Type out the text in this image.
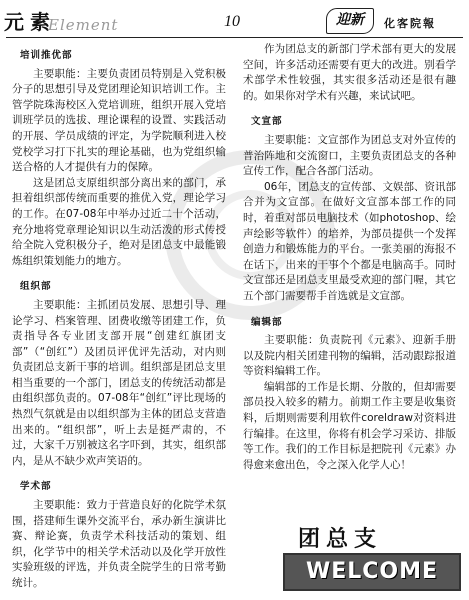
元 素
Element	10	迎新	化客院報
培训推优部

主要职能：主要负责团员特别是入党积极分子的思想引导及党团理论知识培训工作。主管学院珠海校区入党培训班，组织开展入党培训班学员的选拔、理论课程的设置、实践活动的开展、学员成绩的评定，为学院顺利进入校党校学习打下扎实的理论基础，也为党组织输送合格的人才提供有力的保障。

这是团总支原组织部分离出来的部门，承担着组织部传统而重要的推优入党，理论学习的工作。在07-08年中举办过近二十个活动，充分地将党章理论知识以生动活泼的形式传授给全院入党积极分子，绝对是团总支中最能锻炼组织策划能力的地方。

组织部

主要职能：主抓团员发展、思想引导、理论学习、档案管理、团费收缴等团建工作，负责指导各专业团支部开展“创建红旗团支部”（“创红”）及团员评优评先活动，对内则负责团总支新干事的培训。组织部是团总支里相当重要的一个部门，团总支的传统活动都是由组织部负责的。07-08年“创红”评比现场的热烈气氛就是由以组织部为主体的团总支营造出来的。“组织部”，听上去是挺严肃的，不过，大家千万别被这名字吓到，其实，组织部内，是从不缺少欢声笑语的。

学术部

主要职能：致力于营造良好的化院学术氛围，搭建师生课外交流平台，承办新生演讲比赛、辩论赛，负责学术科技活动的策划、组织，化学节中的相关学术活动以及化学开放性实验班级的评选，并负责全院学生的日常考勤统计。

作为团总支的新部门学术部有更大的发展空间，许多活动还需要有更大的改进。别看学术部学术性较强，其实很多活动还是很有趣的。如果你对学术有兴趣，来试试吧。

文宣部

主要职能：文宣部作为团总支对外宣传的普治阵地和交流窗口，主要负责团总支的各种宣传工作，配合各部门活动。

06年，团总支的宣传部、文娱部、资讯部合并为文宣部。在做好文宣部本部工作的同时，着重对部员电脑技术（如photoshop、绘声绘影等软件）的培养，为部员提供一个发挥创造力和锻炼能力的平台。一张美丽的海报不在话下，出来的干事个个都是电脑高手。同时文宣部还是团总支里最受欢迎的部门喔，其它五个部门需要帮手首选就是文宣部。

编辑部

主要职能：负责院刊《元素》、迎新手册以及院内相关团建刊物的编辑，活动跟踪报道等资料编辑工作。

编辑部的工作是长期、分散的，但却需要部员投入较多的精力。前期工作主要是收集资料，后期则需要利用软件coreldraw对资料进行编排。在这里，你将有机会学习采访、排版等工作。我们的工作目标是把院刊《元素》办得愈来愈出色，令之深入化学人心！

团总支
WELCOME
